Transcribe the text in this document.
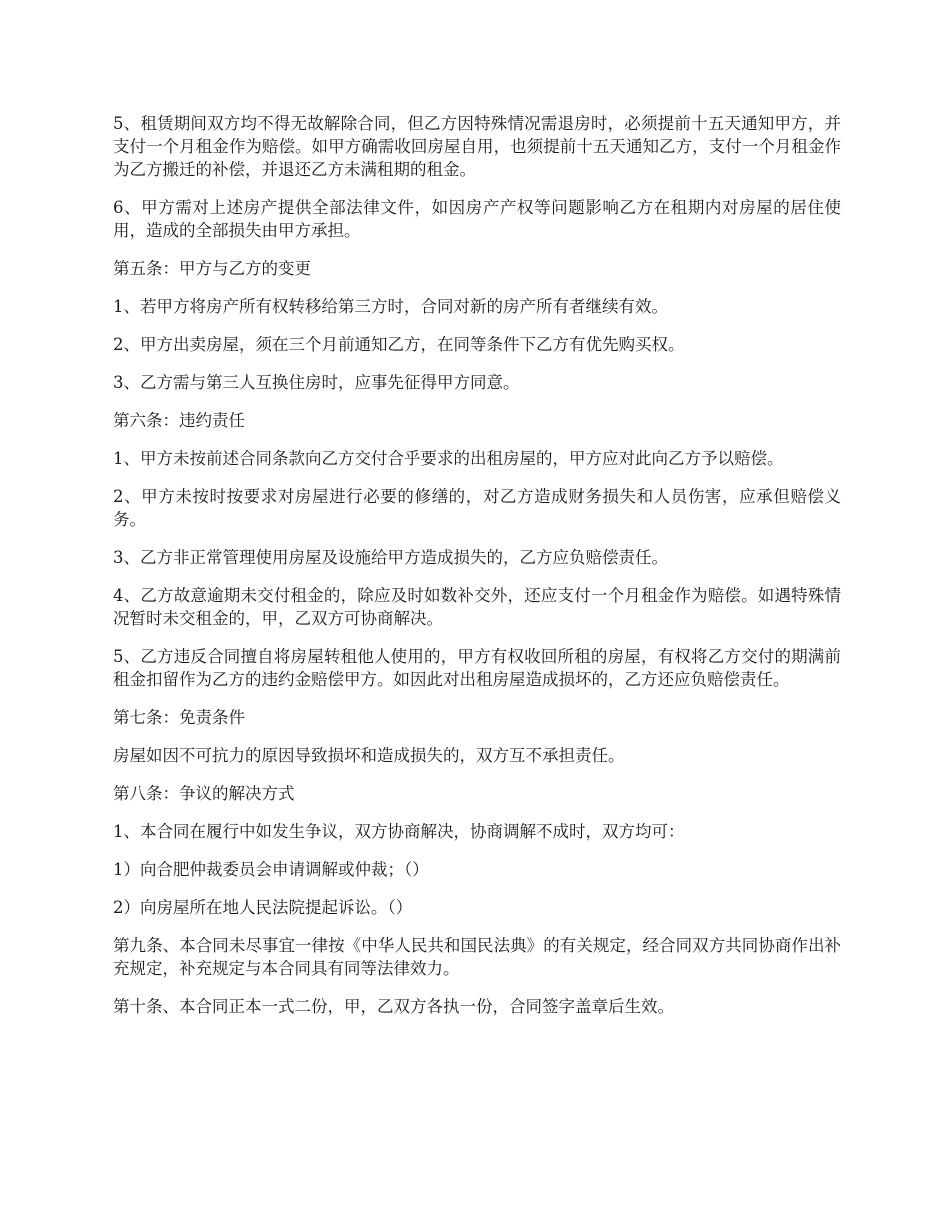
5、租赁期间双方均不得无故解除合同，但乙方因特殊情况需退房时，必须提前十五天通知甲方，并支付一个月租金作为赔偿。如甲方确需收回房屋自用，也须提前十五天通知乙方，支付一个月租金作为乙方搬迁的补偿，并退还乙方未满租期的租金。

6、甲方需对上述房产提供全部法律文件，如因房产产权等问题影响乙方在租期内对房屋的居住使用，造成的全部损失由甲方承担。

第五条：甲方与乙方的变更

1、若甲方将房产所有权转移给第三方时，合同对新的房产所有者继续有效。

2、甲方出卖房屋，须在三个月前通知乙方，在同等条件下乙方有优先购买权。

3、乙方需与第三人互换住房时，应事先征得甲方同意。

第六条：违约责任

1、甲方未按前述合同条款向乙方交付合乎要求的出租房屋的，甲方应对此向乙方予以赔偿。

2、甲方未按时按要求对房屋进行必要的修缮的，对乙方造成财务损失和人员伤害，应承但赔偿义务。

3、乙方非正常管理使用房屋及设施给甲方造成损失的，乙方应负赔偿责任。

4、乙方故意逾期未交付租金的，除应及时如数补交外，还应支付一个月租金作为赔偿。如遇特殊情况暂时未交租金的，甲，乙双方可协商解决。

5、乙方违反合同擅自将房屋转租他人使用的，甲方有权收回所租的房屋，有权将乙方交付的期满前租金扣留作为乙方的违约金赔偿甲方。如因此对出租房屋造成损坏的，乙方还应负赔偿责任。

第七条：免责条件

房屋如因不可抗力的原因导致损坏和造成损失的，双方互不承担责任。

第八条：争议的解决方式

1、本合同在履行中如发生争议，双方协商解决，协商调解不成时，双方均可：

1）向合肥仲裁委员会申请调解或仲裁；（）

2）向房屋所在地人民法院提起诉讼。（）

第九条、本合同未尽事宜一律按《中华人民共和国民法典》的有关规定，经合同双方共同协商作出补充规定，补充规定与本合同具有同等法律效力。

第十条、本合同正本一式二份，甲，乙双方各执一份，合同签字盖章后生效。
